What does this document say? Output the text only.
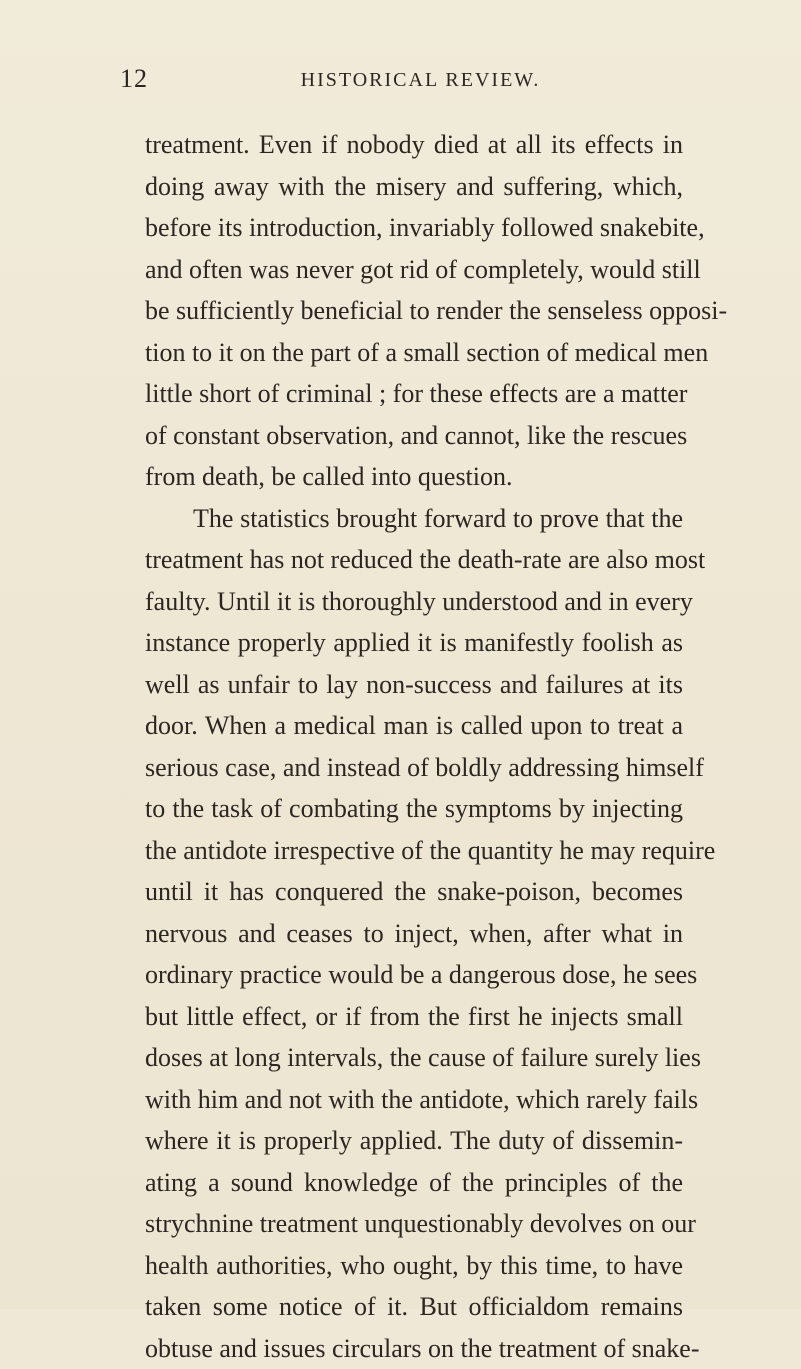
12	HISTORICAL REVIEW.
treatment. Even if nobody died at all its effects in
doing away with the misery and suffering, which,
before its introduction, invariably followed snakebite,
and often was never got rid of completely, would still
be sufficiently beneficial to render the senseless opposi-
tion to it on the part of a small section of medical men
little short of criminal ; for these effects are a matter
of constant observation, and cannot, like the rescues
from death, be called into question.
The statistics brought forward to prove that the
treatment has not reduced the death-rate are also most
faulty. Until it is thoroughly understood and in every
instance properly applied it is manifestly foolish as
well as unfair to lay non-success and failures at its
door. When a medical man is called upon to treat a
serious case, and instead of boldly addressing himself
to the task of combating the symptoms by injecting
the antidote irrespective of the quantity he may require
until it has conquered the snake-poison, becomes
nervous and ceases to inject, when, after what in
ordinary practice would be a dangerous dose, he sees
but little effect, or if from the first he injects small
doses at long intervals, the cause of failure surely lies
with him and not with the antidote, which rarely fails
where it is properly applied. The duty of dissemin-
ating a sound knowledge of the principles of the
strychnine treatment unquestionably devolves on our
health authorities, who ought, by this time, to have
taken some notice of it. But officialdom remains
obtuse and issues circulars on the treatment of snake-
